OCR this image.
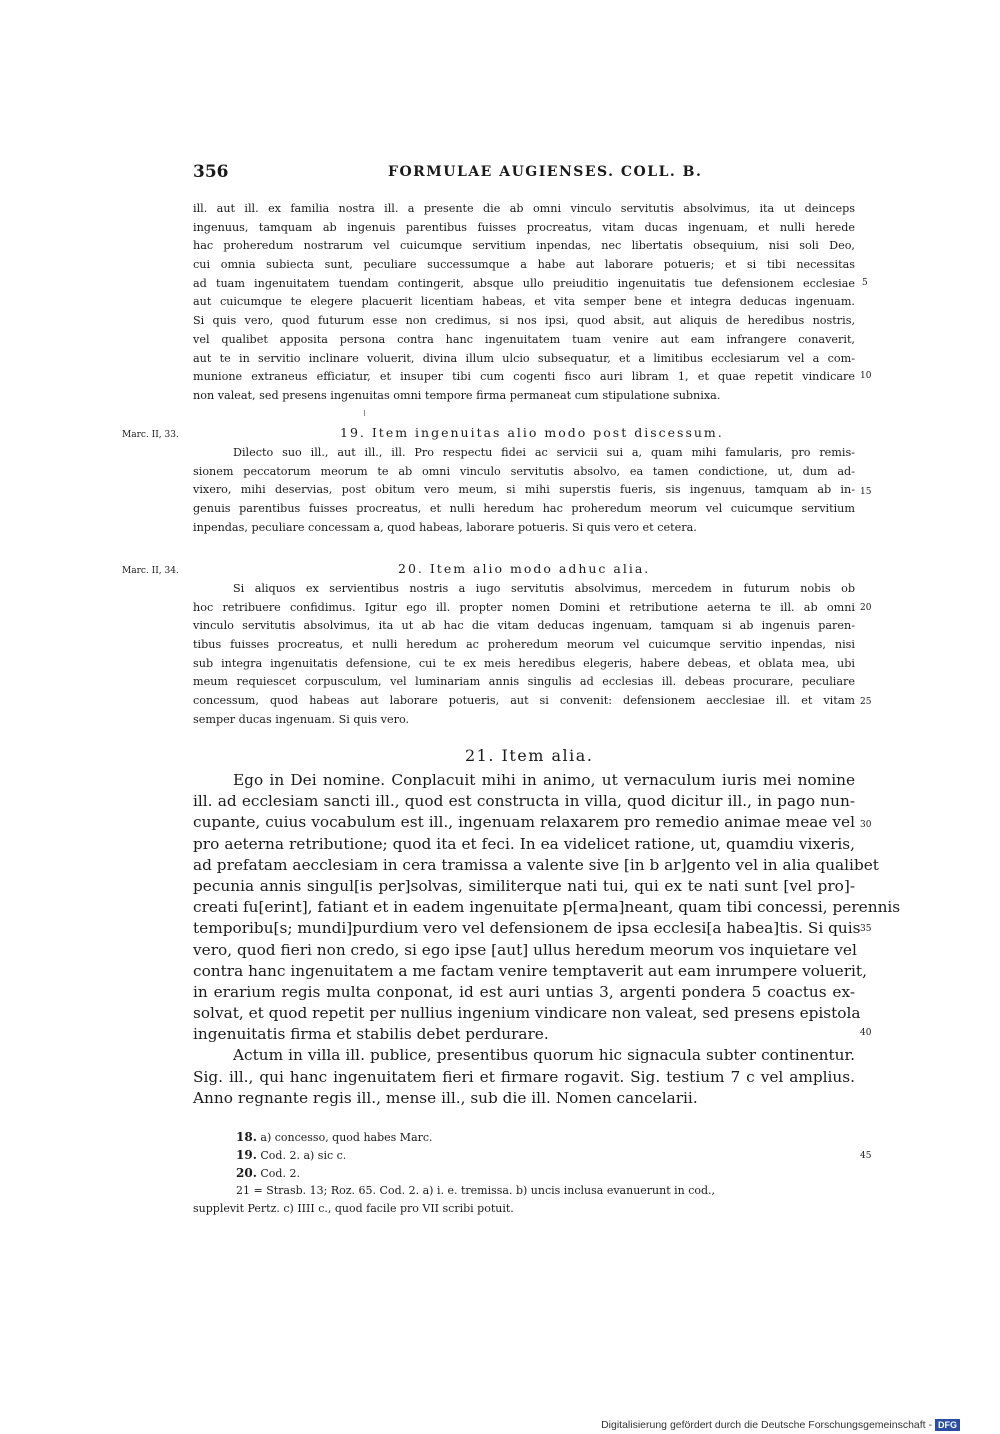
356	FORMULAE AUGIENSES. COLL. B.
ill. aut ill. ex familia nostra ill. a presente die ab omni vinculo servitutis absolvimus, ita ut deinceps
ingenuus, tamquam ab ingenuis parentibus fuisses procreatus, vitam ducas ingenuam, et nulli herede
hac proheredum nostrarum vel cuicumque servitium inpendas, nec libertatis obsequium, nisi soli Deo,
cui omnia subiecta sunt, peculiare successumque a habe aut laborare potueris; et si tibi necessitas
ad tuam ingenuitatem tuendam contingerit, absque ullo preiuditio ingenuitatis tue defensionem ecclesiae
aut cuicumque te elegere placuerit licentiam habeas, et vita semper bene et integra deducas ingenuam.
Si quis vero, quod futurum esse non credimus, si nos ipsi, quod absit, aut aliquis de heredibus nostris,
vel qualibet apposita persona contra hanc ingenuitatem tuam venire aut eam infrangere conaverit,
aut te in servitio inclinare voluerit, divina illum ulcio subsequatur, et a limitibus ecclesiarum vel a com-
munione extraneus efficiatur, et insuper tibi cum cogenti fisco auri libram 1, et quae repetit vindicare
non valeat, sed presens ingenuitas omni tempore firma permaneat cum stipulatione subnixa.
5
10
Marc. II, 33.	19. Item ingenuitas alio modo post discessum.
Dilecto suo ill., aut ill., ill. Pro respectu fidei ac servicii sui a, quam mihi famularis, pro remis-
sionem peccatorum meorum te ab omni vinculo servitutis absolvo, ea tamen condictione, ut, dum ad-
vixero, mihi deservias, post obitum vero meum, si mihi superstis fueris, sis ingenuus, tamquam ab in-
genuis parentibus fuisses procreatus, et nulli heredum hac proheredum meorum vel cuicumque servitium
inpendas, peculiare concessam a, quod habeas, laborare potueris. Si quis vero et cetera.
15
Marc. II, 34.	20. Item alio modo adhuc alia.
Si aliquos ex servientibus nostris a iugo servitutis absolvimus, mercedem in futurum nobis ob
hoc retribuere confidimus. Igitur ego ill. propter nomen Domini et retributione aeterna te ill. ab omni
vinculo servitutis absolvimus, ita ut ab hac die vitam deducas ingenuam, tamquam si ab ingenuis paren-
tibus fuisses procreatus, et nulli heredum ac proheredum meorum vel cuicumque servitio inpendas, nisi
sub integra ingenuitatis defensione, cui te ex meis heredibus elegeris, habere debeas, et oblata mea, ubi
meum requiescet corpusculum, vel luminariam annis singulis ad ecclesias ill. debeas procurare, peculiare
concessum, quod habeas aut laborare potueris, aut si convenit: defensionem aecclesiae ill. et vitam
semper ducas ingenuam. Si quis vero.
20
25
21. Item alia.
Ego in Dei nomine. Conplacuit mihi in animo, ut vernaculum iuris mei nomine
ill. ad ecclesiam sancti ill., quod est constructa in villa, quod dicitur ill., in pago nun-
cupante, cuius vocabulum est ill., ingenuam relaxarem pro remedio animae meae vel
pro aeterna retributione; quod ita et feci. In ea videlicet ratione, ut, quamdiu vixeris,
ad prefatam aecclesiam in cera tramissa a valente sive [in b ar]gento vel in alia qualibet
pecunia annis singul[is per]solvas, similiterque nati tui, qui ex te nati sunt [vel pro]-
creati fu[erint], fatiant et in eadem ingenuitate p[erma]neant, quam tibi concessi, perennis
temporibu[s; mundi]purdium vero vel defensionem de ipsa ecclesi[a habea]tis. Si quis
vero, quod fieri non credo, si ego ipse [aut] ullus heredum meorum vos inquietare vel
contra hanc ingenuitatem a me factam venire temptaverit aut eam inrumpere voluerit,
in erarium regis multa conponat, id est auri untias 3, argenti pondera 5 coactus ex-
solvat, et quod repetit per nullius ingenium vindicare non valeat, sed presens epistola
ingenuitatis firma et stabilis debet perdurare.
Actum in villa ill. publice, presentibus quorum hic signacula subter continentur.
Sig. ill., qui hanc ingenuitatem fieri et firmare rogavit. Sig. testium 7 c vel amplius.
Anno regnante regis ill., mense ill., sub die ill. Nomen cancelarii.
30
35
40
18. a) concesso, quod habes Marc.
19. Cod. 2. a) sic c.
20. Cod. 2.
21 = Strasb. 13; Roz. 65. Cod. 2. a) i. e. tremissa. b) uncis inclusa evanuerunt in cod.,
supplevit Pertz. c) IIII c., quod facile pro VII scribi potuit.
45
Digitalisierung gefördert durch die Deutsche Forschungsgemeinschaft - DFG
